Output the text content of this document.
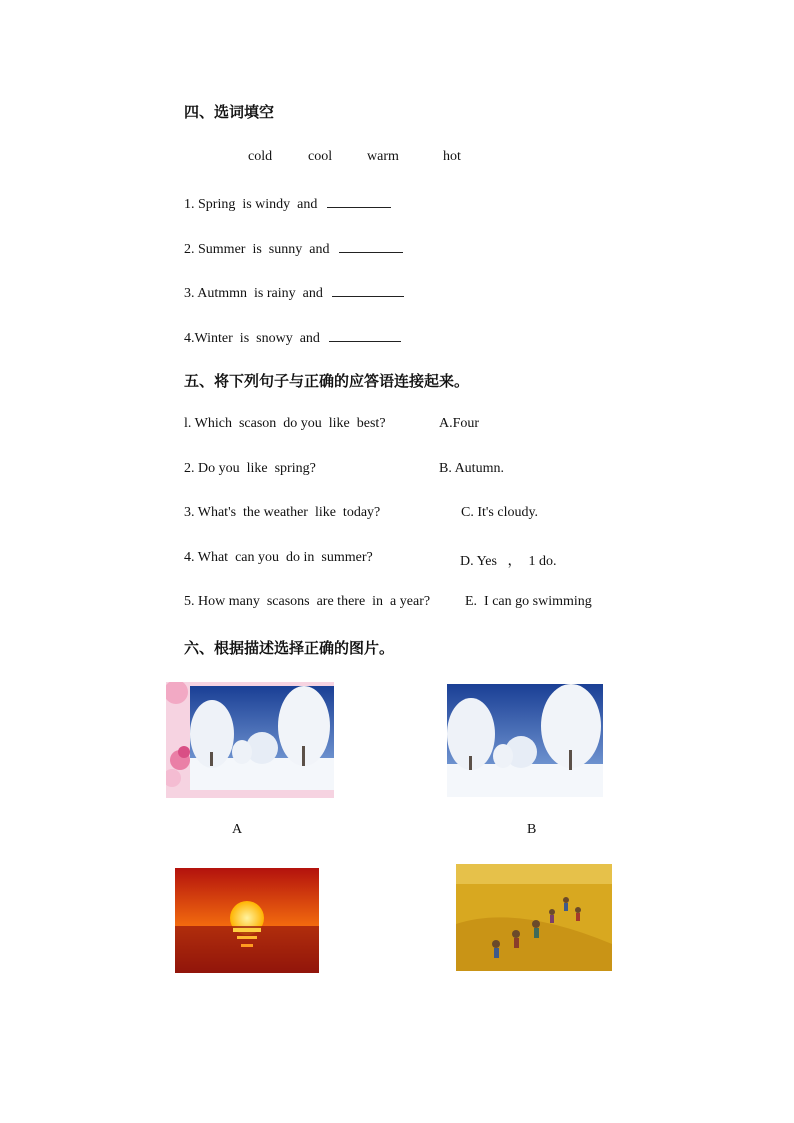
四、选词填空
cold	cool warm	hot
1. Spring  is windy  and
2. Summer  is  sunny  and
3. Autmmn  is rainy  and
4.Winter  is  snowy  and
五、将下列句子与正确的应答语连接起来。
l. Which  scason  do you  like  best?	A.Four
2. Do you  like  spring?	B. Autumn.
3. What's  the weather  like  today?	C. It's cloudy.
4. What  can you  do in  summer?	D. Yes   ，  1 do.
5. How many  scasons  are there  in  a year? E.  I can go swimming
六、根据描述选择正确的图片。
A	B
